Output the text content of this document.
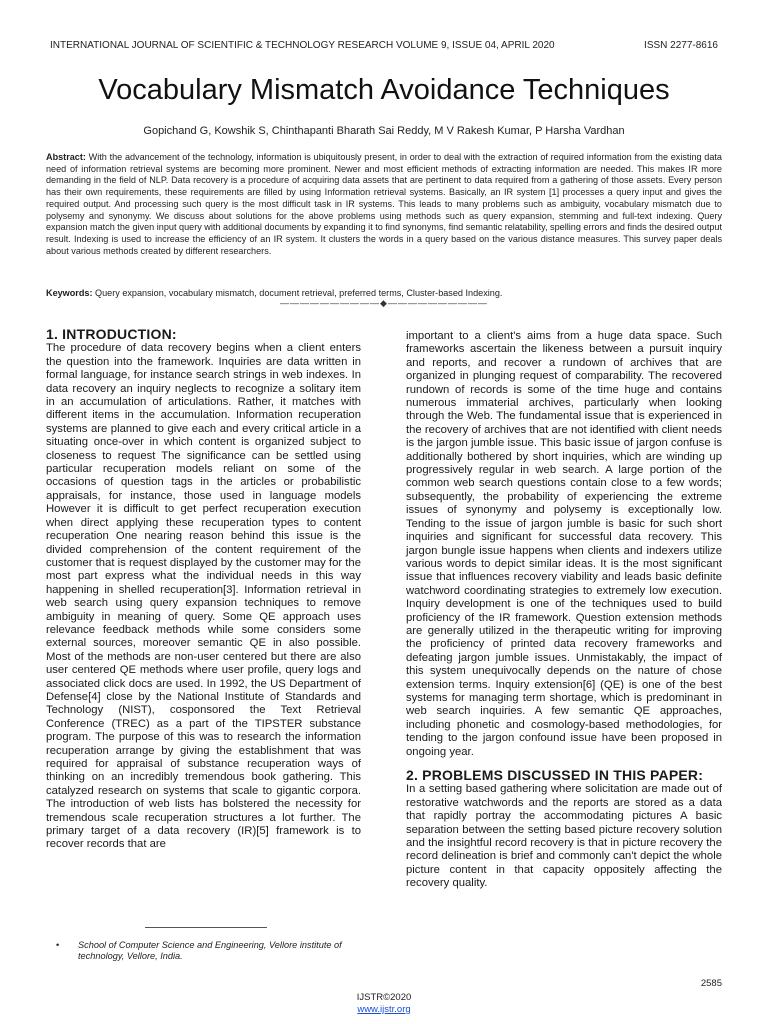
INTERNATIONAL JOURNAL OF SCIENTIFIC & TECHNOLOGY RESEARCH VOLUME 9, ISSUE 04, APRIL 2020	ISSN 2277-8616
Vocabulary Mismatch Avoidance Techniques
Gopichand G, Kowshik S, Chinthapanti Bharath Sai Reddy, M V Rakesh Kumar, P Harsha Vardhan
Abstract: With the advancement of the technology, information is ubiquitously present, in order to deal with the extraction of required information from the existing data need of information retrieval systems are becoming more prominent. Newer and most efficient methods of extracting information are needed. This makes IR more demanding in the field of NLP. Data recovery is a procedure of acquiring data assets that are pertinent to data required from a gathering of those assets. Every person has their own requirements, these requirements are filled by using Information retrieval systems. Basically, an IR system [1] processes a query input and gives the required output. And processing such query is the most difficult task in IR systems. This leads to many problems such as ambiguity, vocabulary mismatch due to polysemy and synonymy. We discuss about solutions for the above problems using methods such as query expansion, stemming and full-text indexing. Query expansion match the given input query with additional documents by expanding it to find synonyms, find semantic relatability, spelling errors and finds the desired output result. Indexing is used to increase the efficiency of an IR system. It clusters the words in a query based on the various distance measures. This survey paper deals about various methods created by different researchers.
Keywords: Query expansion, vocabulary mismatch, document retrieval, preferred terms, Cluster-based Indexing.
——————————◆——————————
1. INTRODUCTION:

The procedure of data recovery begins when a client enters the question into the framework. Inquiries are data written in formal language, for instance search strings in web indexes. In data recovery an inquiry neglects to recognize a solitary item in an accumulation of articulations. Rather, it matches with different items in the accumulation. Information recuperation systems are planned to give each and every critical article in a situating once-over in which content is organized subject to closeness to request The significance can be settled using particular recuperation models reliant on some of the occasions of question tags in the articles or probabilistic appraisals, for instance, those used in language models However it is difficult to get perfect recuperation execution when direct applying these recuperation types to content recuperation One nearing reason behind this issue is the divided comprehension of the content requirement of the customer that is request displayed by the customer may for the most part express what the individual needs in this way happening in shelled recuperation[3]. Information retrieval in web search using query expansion techniques to remove ambiguity in meaning of query. Some QE approach uses relevance feedback methods while some considers some external sources, moreover semantic QE in also possible. Most of the methods are non-user centered but there are also user centered QE methods where user profile, query logs and associated click docs are used. In 1992, the US Department of Defense[4] close by the National Institute of Standards and Technology (NIST), cosponsored the Text Retrieval Conference (TREC) as a part of the TIPSTER substance program. The purpose of this was to research the information recuperation arrange by giving the establishment that was required for appraisal of substance recuperation ways of thinking on an incredibly tremendous book gathering. This catalyzed research on systems that scale to gigantic corpora. The introduction of web lists has bolstered the necessity for tremendous scale recuperation structures a lot further. The primary target of a data recovery (IR)[5] framework is to recover records that are

important to a client's aims from a huge data space. Such frameworks ascertain the likeness between a pursuit inquiry and reports, and recover a rundown of archives that are organized in plunging request of comparability. The recovered rundown of records is some of the time huge and contains numerous immaterial archives, particularly when looking through the Web. The fundamental issue that is experienced in the recovery of archives that are not identified with client needs is the jargon jumble issue. This basic issue of jargon confuse is additionally bothered by short inquiries, which are winding up progressively regular in web search. A large portion of the common web search questions contain close to a few words; subsequently, the probability of experiencing the extreme issues of synonymy and polysemy is exceptionally low. Tending to the issue of jargon jumble is basic for such short inquiries and significant for successful data recovery. This jargon bungle issue happens when clients and indexers utilize various words to depict similar ideas. It is the most significant issue that influences recovery viability and leads basic definite watchword coordinating strategies to extremely low execution. Inquiry development is one of the techniques used to build proficiency of the IR framework. Question extension methods are generally utilized in the therapeutic writing for improving the proficiency of printed data recovery frameworks and defeating jargon jumble issues. Unmistakably, the impact of this system unequivocally depends on the nature of chose extension terms. Inquiry extension[6] (QE) is one of the best systems for managing term shortage, which is predominant in web search inquiries. A few semantic QE approaches, including phonetic and cosmology-based methodologies, for tending to the jargon confound issue have been proposed in ongoing year.

2. PROBLEMS DISCUSSED IN THIS PAPER:

In a setting based gathering where solicitation are made out of restorative watchwords and the reports are stored as a data that rapidly portray the accommodating pictures A basic separation between the setting based picture recovery solution and the insightful record recovery is that in picture recovery the record delineation is brief and commonly can't depict the whole picture content in that capacity oppositely affecting the recovery quality.

•	School of Computer Science and Engineering, Vellore institute of technology, Vellore, India.
2585
IJSTR©2020
www.ijstr.org
